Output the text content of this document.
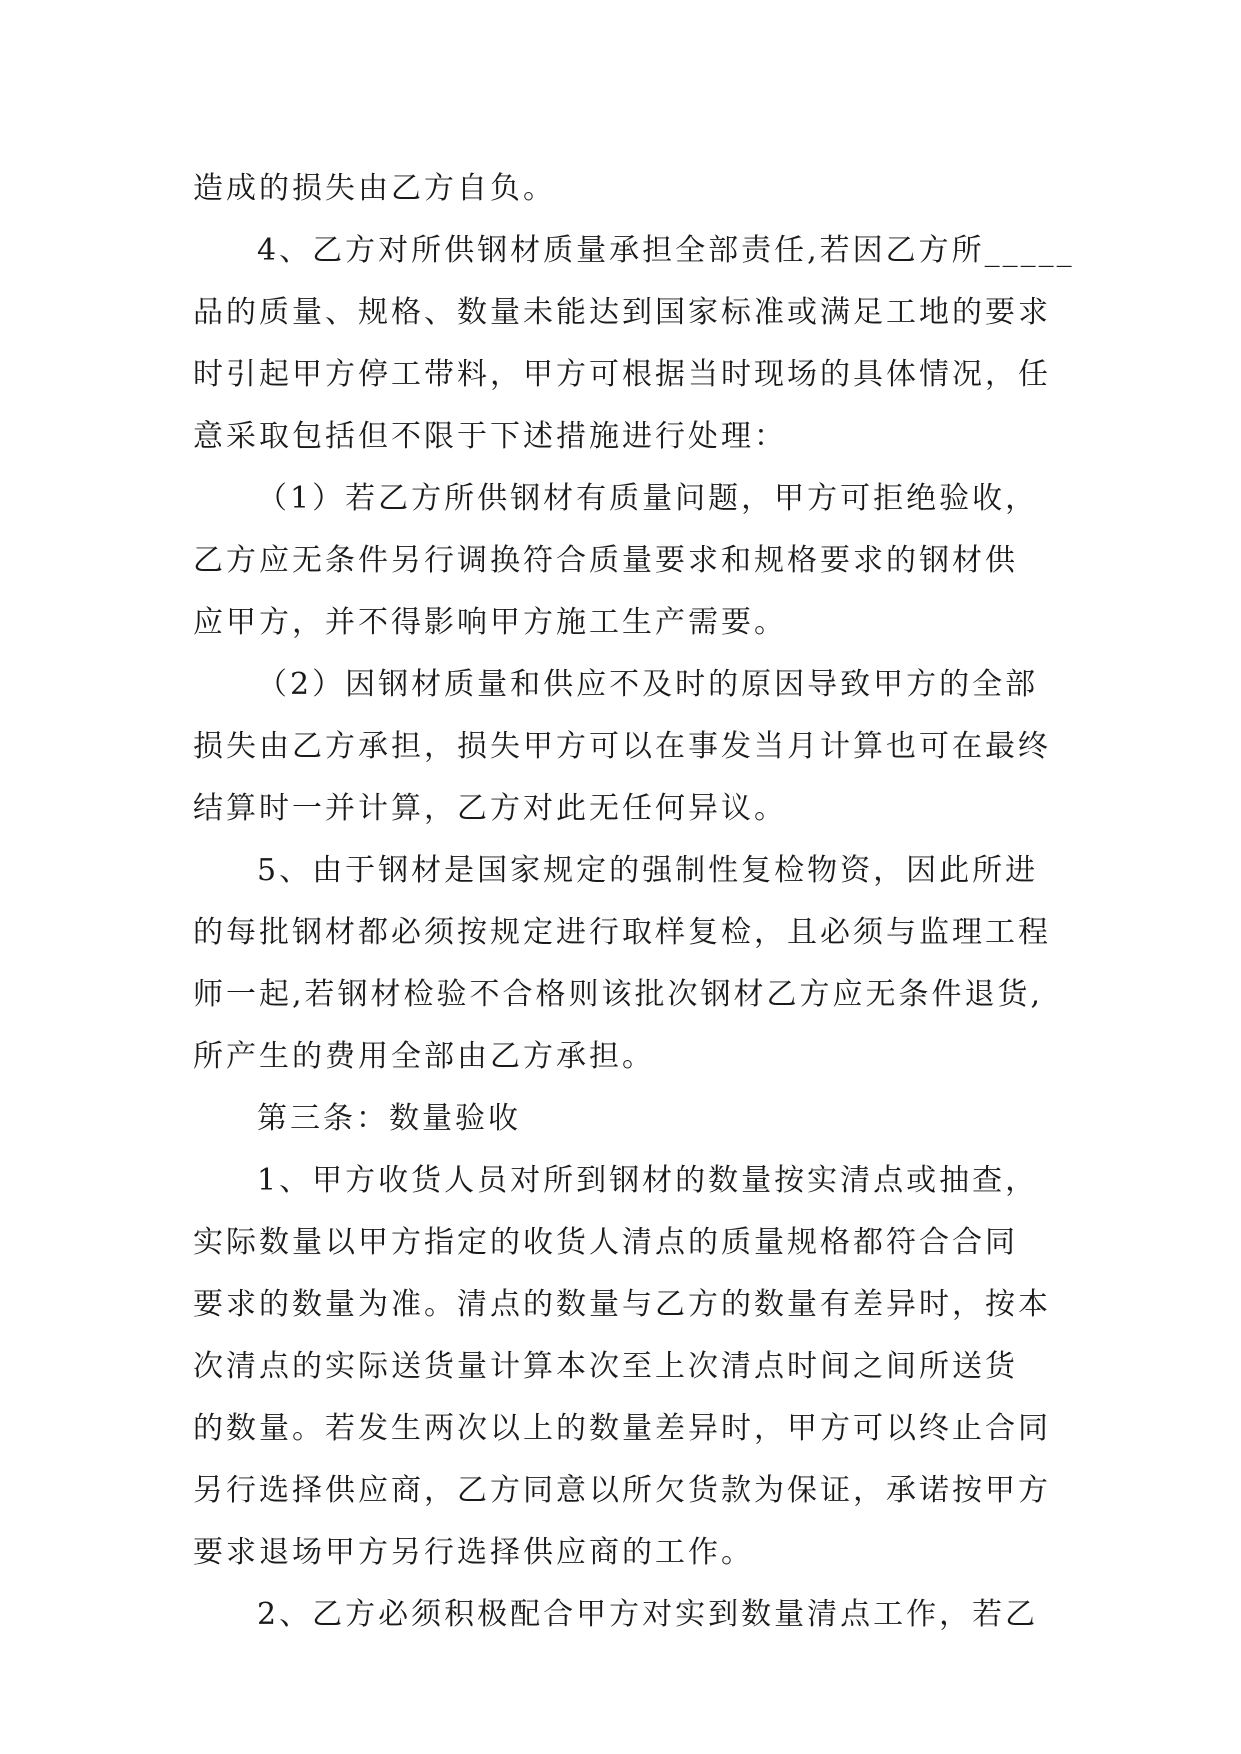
造成的损失由乙方自负。
4、乙方对所供钢材质量承担全部责任,若因乙方所_____
品的质量、规格、数量未能达到国家标准或满足工地的要求
时引起甲方停工带料，甲方可根据当时现场的具体情况，任
意采取包括但不限于下述措施进行处理：
（1）若乙方所供钢材有质量问题，甲方可拒绝验收，
乙方应无条件另行调换符合质量要求和规格要求的钢材供
应甲方，并不得影响甲方施工生产需要。
（2）因钢材质量和供应不及时的原因导致甲方的全部
损失由乙方承担，损失甲方可以在事发当月计算也可在最终
结算时一并计算，乙方对此无任何异议。
5、由于钢材是国家规定的强制性复检物资，因此所进
的每批钢材都必须按规定进行取样复检，且必须与监理工程
师一起,若钢材检验不合格则该批次钢材乙方应无条件退货,
所产生的费用全部由乙方承担。
第三条：数量验收
1、甲方收货人员对所到钢材的数量按实清点或抽查，
实际数量以甲方指定的收货人清点的质量规格都符合合同
要求的数量为准。清点的数量与乙方的数量有差异时，按本
次清点的实际送货量计算本次至上次清点时间之间所送货
的数量。若发生两次以上的数量差异时，甲方可以终止合同
另行选择供应商，乙方同意以所欠货款为保证，承诺按甲方
要求退场甲方另行选择供应商的工作。
2、乙方必须积极配合甲方对实到数量清点工作，若乙
